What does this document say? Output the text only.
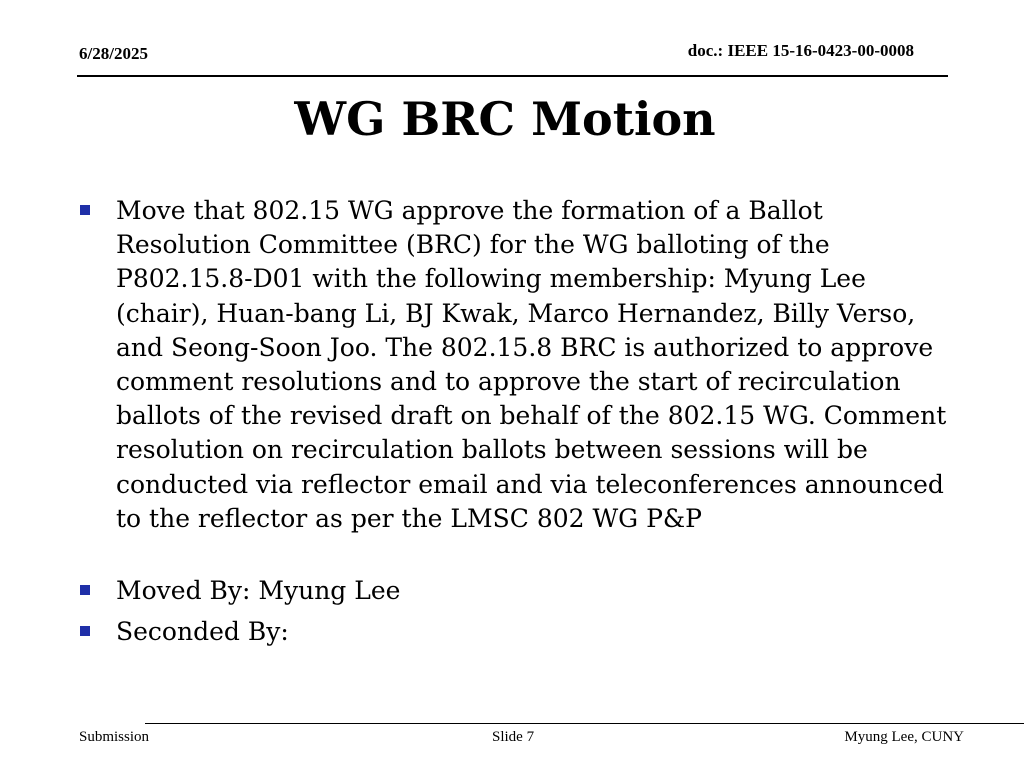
6/28/2025	doc.: IEEE 15-16-0423-00-0008
WG BRC Motion
Move that 802.15 WG approve the formation of a Ballot Resolution Committee (BRC) for the WG balloting of the P802.15.8-D01 with the following membership: Myung Lee (chair), Huan-bang Li, BJ Kwak, Marco Hernandez, Billy Verso, and Seong-Soon Joo. The 802.15.8 BRC is authorized to approve comment resolutions and to approve the start of recirculation ballots of the revised draft on behalf of the 802.15 WG. Comment resolution on recirculation ballots between sessions will be conducted via reflector email and via teleconferences announced to the reflector as per the LMSC 802 WG P&P
Moved By: Myung Lee
Seconded By:
Submission	Slide 7	Myung Lee, CUNY
